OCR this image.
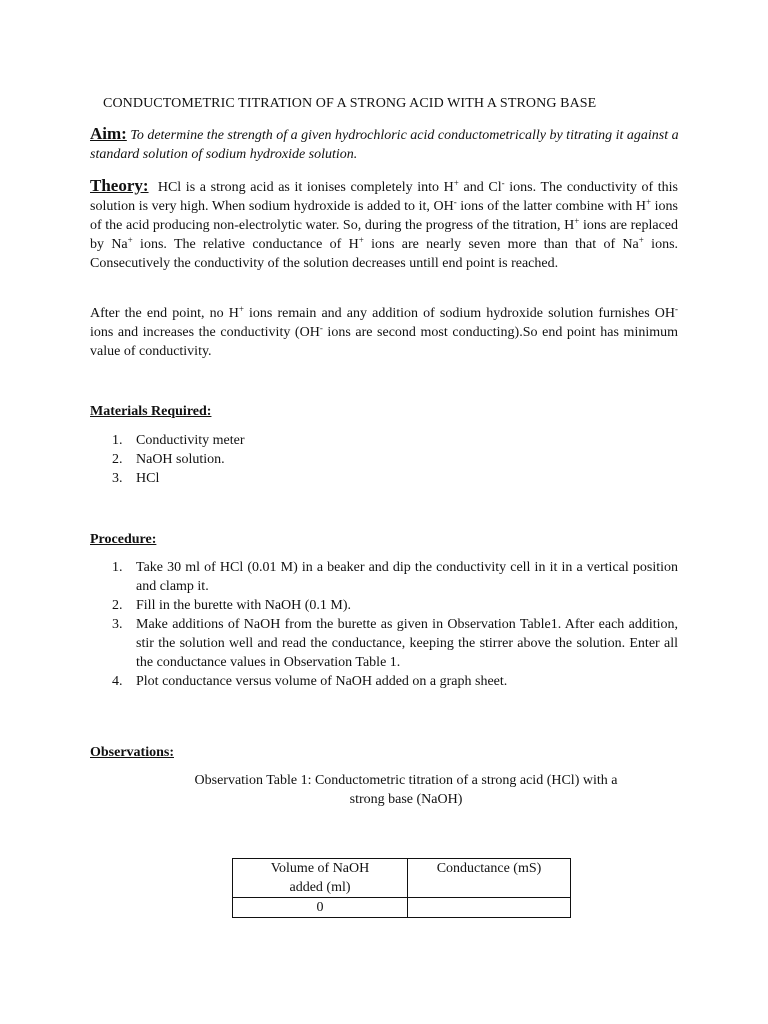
CONDUCTOMETRIC TITRATION OF A STRONG ACID WITH A STRONG BASE
Aim: To determine the strength of a given hydrochloric acid conductometrically by titrating it against a standard solution of sodium hydroxide solution.
Theory: HCl is a strong acid as it ionises completely into H+ and Cl- ions. The conductivity of this solution is very high. When sodium hydroxide is added to it, OH- ions of the latter combine with H+ ions of the acid producing non-electrolytic water. So, during the progress of the titration, H+ ions are replaced by Na+ ions. The relative conductance of H+ ions are nearly seven more than that of Na+ ions. Consecutively the conductivity of the solution decreases untill end point is reached.
After the end point, no H+ ions remain and any addition of sodium hydroxide solution furnishes OH- ions and increases the conductivity (OH- ions are second most conducting).So end point has minimum value of conductivity.
Materials Required:
1. Conductivity meter
2. NaOH solution.
3. HCl
Procedure:
1. Take 30 ml of HCl (0.01 M) in a beaker and dip the conductivity cell in it in a vertical position and clamp it.
2. Fill in the burette with NaOH (0.1 M).
3. Make additions of NaOH from the burette as given in Observation Table1. After each addition, stir the solution well and read the conductance, keeping the stirrer above the solution. Enter all the conductance values in Observation Table 1.
4. Plot conductance versus volume of NaOH added on a graph sheet.
Observations:
Observation Table 1: Conductometric titration of a strong acid (HCl) with a
strong base (NaOH)
Volume of NaOH
added (ml)	Conductance (mS)
0	
